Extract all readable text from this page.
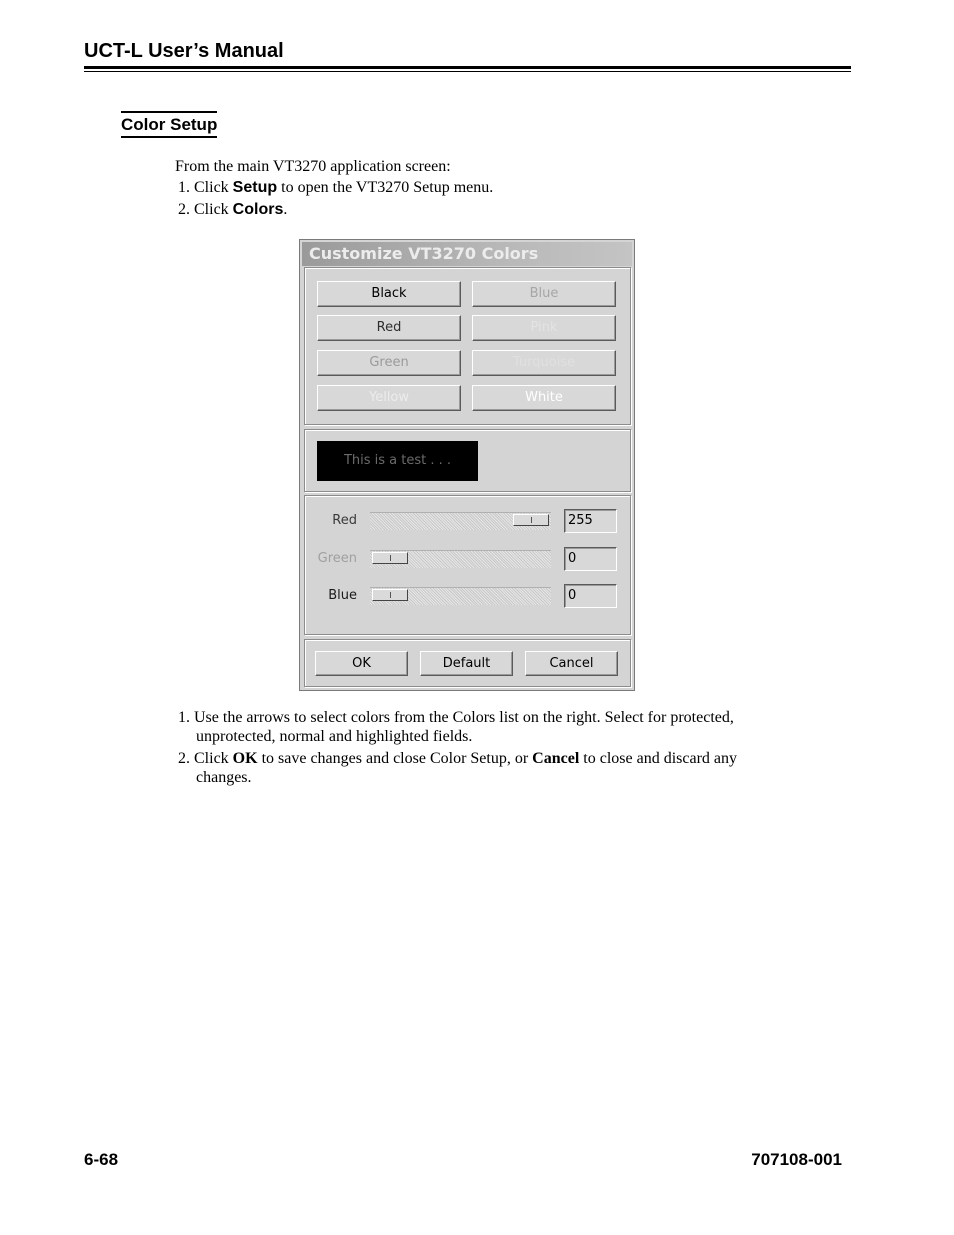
UCT-L User’s Manual
Color Setup
From the main VT3270 application screen:
1. Click Setup to open the VT3270 Setup menu.
2. Click Colors.
Customize VT3270 Colors
Black	Blue
Red	Pink
Green	Turquoise
Yellow	White
This is a test . . .
Red	255
Green	0
Blue	0
OK	Default	Cancel
1. Use the arrows to select colors from the Colors list on the right. Select for protected,
unprotected, normal and highlighted fields.
2. Click OK to save changes and close Color Setup, or Cancel to close and discard any
changes.
6-68	707108-001
